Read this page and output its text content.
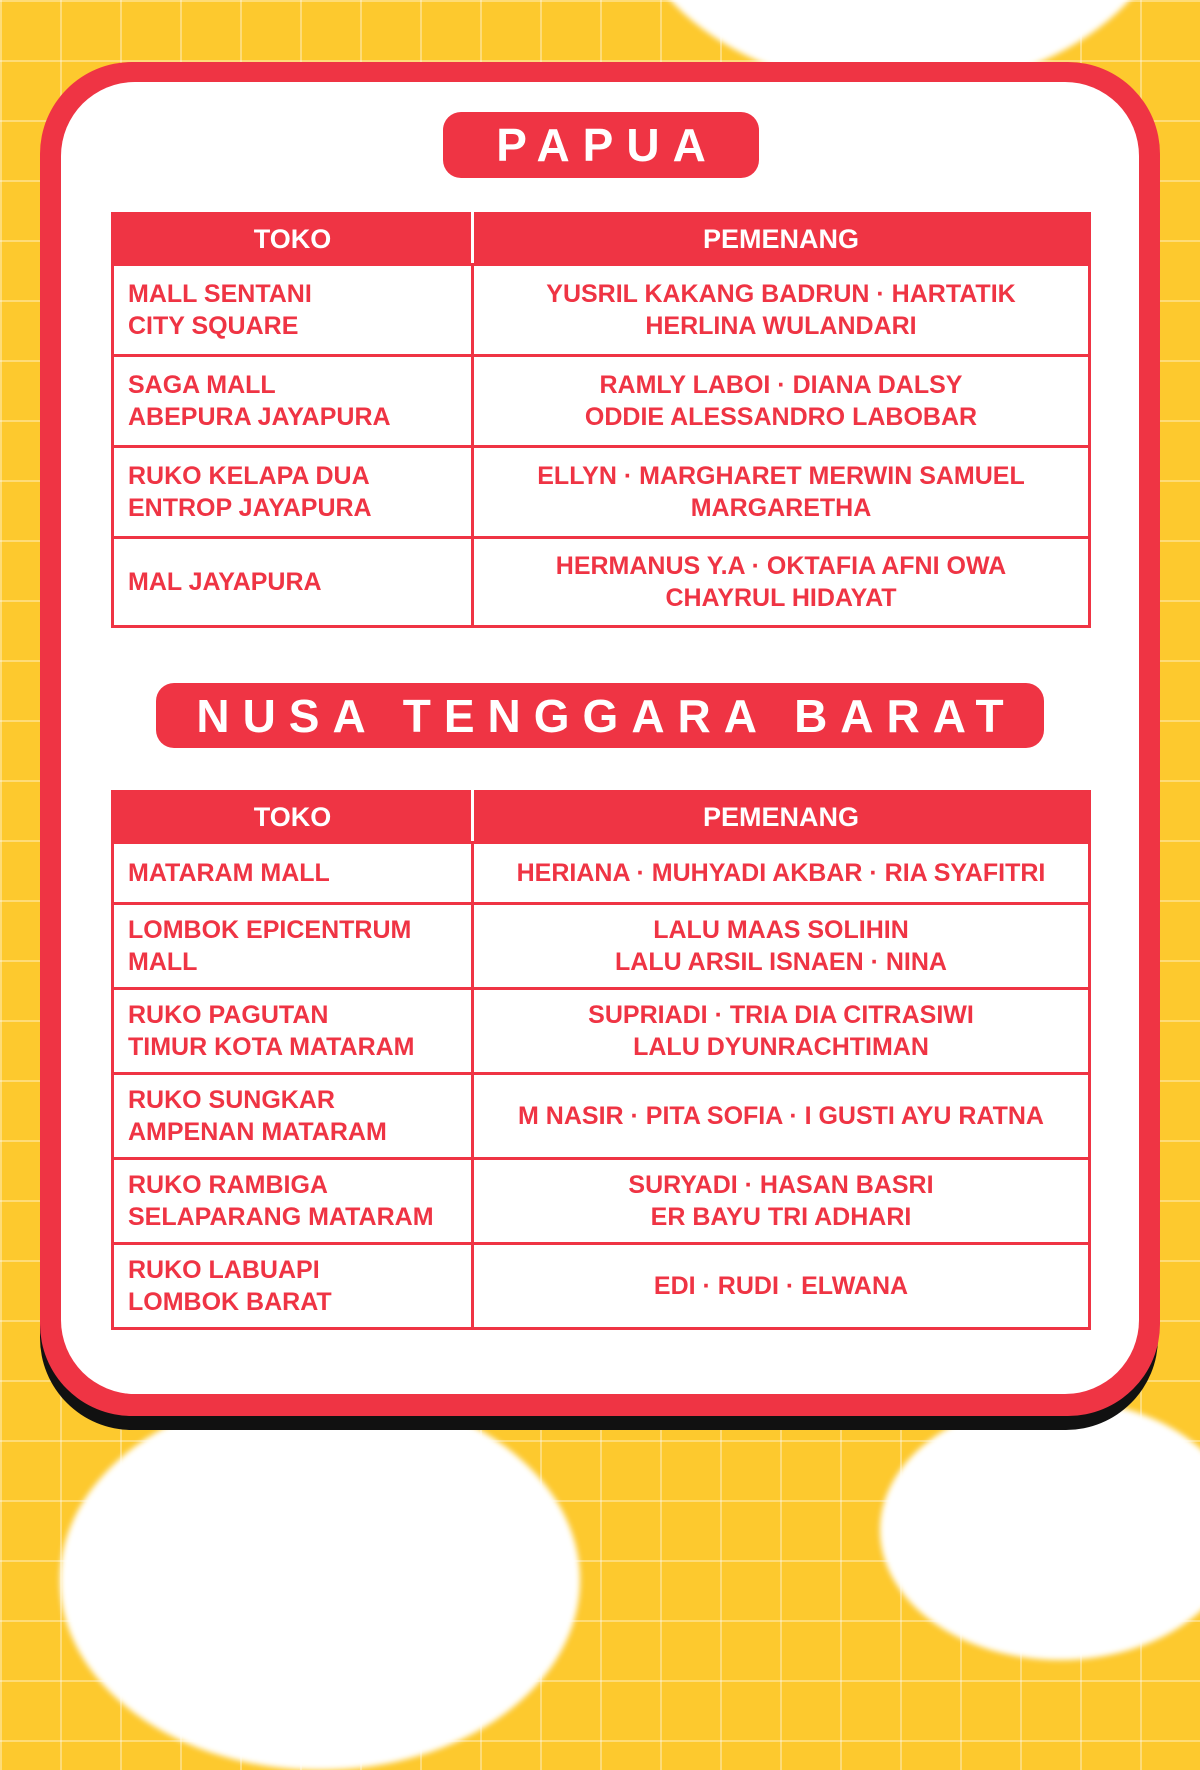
PAPUA
TOKO	PEMENANG

MALL SENTANI
CITY SQUARE	YUSRIL KAKANG BADRUN · HARTATIK
HERLINA WULANDARI

SAGA MALL
ABEPURA JAYAPURA	RAMLY LABOI · DIANA DALSY
ODDIE ALESSANDRO LABOBAR

RUKO KELAPA DUA
ENTROP JAYAPURA	ELLYN · MARGHARET MERWIN SAMUEL
MARGARETHA

MAL JAYAPURA	HERMANUS Y.A · OKTAFIA AFNI OWA
CHAYRUL HIDAYAT
NUSA TENGGARA BARAT
TOKO	PEMENANG

MATARAM MALL	HERIANA · MUHYADI AKBAR · RIA SYAFITRI

LOMBOK EPICENTRUM
MALL	LALU MAAS SOLIHIN
LALU ARSIL ISNAEN · NINA

RUKO PAGUTAN
TIMUR KOTA MATARAM	SUPRIADI · TRIA DIA CITRASIWI
LALU DYUNRACHTIMAN

RUKO SUNGKAR
AMPENAN MATARAM	M NASIR · PITA SOFIA · I GUSTI AYU RATNA

RUKO RAMBIGA
SELAPARANG MATARAM	SURYADI · HASAN BASRI
ER BAYU TRI ADHARI

RUKO LABUAPI
LOMBOK BARAT	EDI · RUDI · ELWANA
